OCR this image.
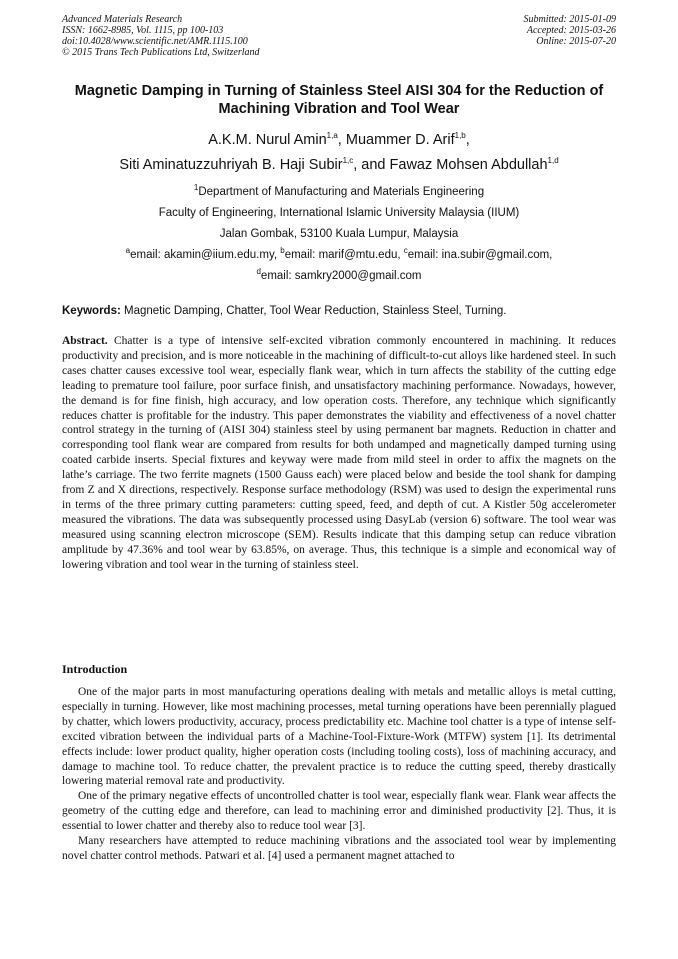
Advanced Materials Research
ISSN: 1662-8985, Vol. 1115, pp 100-103
doi:10.4028/www.scientific.net/AMR.1115.100
© 2015 Trans Tech Publications Ltd, Switzerland
Submitted: 2015-01-09
Accepted: 2015-03-26
Online: 2015-07-20
Magnetic Damping in Turning of Stainless Steel AISI 304 for the Reduction of Machining Vibration and Tool Wear
A.K.M. Nurul Amin$^{1,a}$, Muammer D. Arif$^{1,b}$,
Siti Aminatuzzuhriyah B. Haji Subir$^{1,c}$, and Fawaz Mohsen Abdullah$^{1,d}$
$^1$Department of Manufacturing and Materials Engineering
Faculty of Engineering, International Islamic University Malaysia (IIUM)
Jalan Gombak, 53100 Kuala Lumpur, Malaysia
$^a$email: akamin@iium.edu.my, $^b$email: marif@mtu.edu, $^c$email: ina.subir@gmail.com,
$^d$email: samkry2000@gmail.com
Keywords: Magnetic Damping, Chatter, Tool Wear Reduction, Stainless Steel, Turning.
Abstract. Chatter is a type of intensive self-excited vibration commonly encountered in machining. It reduces productivity and precision, and is more noticeable in the machining of difficult-to-cut alloys like hardened steel. In such cases chatter causes excessive tool wear, especially flank wear, which in turn affects the stability of the cutting edge leading to premature tool failure, poor surface finish, and unsatisfactory machining performance. Nowadays, however, the demand is for fine finish, high accuracy, and low operation costs. Therefore, any technique which significantly reduces chatter is profitable for the industry. This paper demonstrates the viability and effectiveness of a novel chatter control strategy in the turning of (AISI 304) stainless steel by using permanent bar magnets. Reduction in chatter and corresponding tool flank wear are compared from results for both undamped and magnetically damped turning using coated carbide inserts. Special fixtures and keyway were made from mild steel in order to affix the magnets on the lathe’s carriage. The two ferrite magnets (1500 Gauss each) were placed below and beside the tool shank for damping from Z and X directions, respectively. Response surface methodology (RSM) was used to design the experimental runs in terms of the three primary cutting parameters: cutting speed, feed, and depth of cut. A Kistler 50g accelerometer measured the vibrations. The data was subsequently processed using DasyLab (version 6) software. The tool wear was measured using scanning electron microscope (SEM). Results indicate that this damping setup can reduce vibration amplitude by 47.36% and tool wear by 63.85%, on average. Thus, this technique is a simple and economical way of lowering vibration and tool wear in the turning of stainless steel.
Introduction

One of the major parts in most manufacturing operations dealing with metals and metallic alloys is metal cutting, especially in turning. However, like most machining processes, metal turning operations have been perennially plagued by chatter, which lowers productivity, accuracy, process predictability etc. Machine tool chatter is a type of intense self-excited vibration between the individual parts of a Machine-Tool-Fixture-Work (MTFW) system [1]. Its detrimental effects include: lower product quality, higher operation costs (including tooling costs), loss of machining accuracy, and damage to machine tool. To reduce chatter, the prevalent practice is to reduce the cutting speed, thereby drastically lowering material removal rate and productivity.

One of the primary negative effects of uncontrolled chatter is tool wear, especially flank wear. Flank wear affects the geometry of the cutting edge and therefore, can lead to machining error and diminished productivity [2]. Thus, it is essential to lower chatter and thereby also to reduce tool wear [3].

Many researchers have attempted to reduce machining vibrations and the associated tool wear by implementing novel chatter control methods. Patwari et al. [4] used a permanent magnet attached to
